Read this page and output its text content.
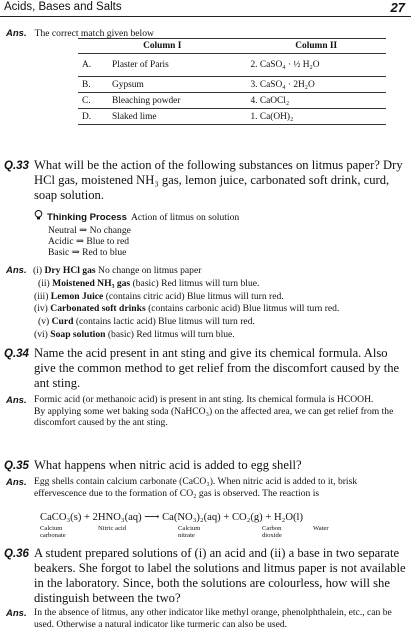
Acids, Bases and Salts	27
Ans. The correct match given below
Column I		Column II
A.	Plaster of Paris	2. CaSO₄ · ½ H₂O
B.	Gypsum	3. CaSO₄ · 2H₂O
C.	Bleaching powder	4. CaOCl₂
D.	Slaked lime	1. Ca(OH)₂
Q.33 What will be the action of the following substances on litmus paper? Dry HCl gas, moistened NH₃ gas, lemon juice, carbonated soft drink, curd, soap solution.
Thinking Process Action of litmus on solution
Neutral ⇒ No change
Acidic ⇒ Blue to red
Basic ⇒ Red to blue
Ans. (i) Dry HCl gas No change on litmus paper
(ii) Moistened NH₃ gas (basic) Red litmus will turn blue.
(iii) Lemon Juice (contains citric acid) Blue litmus will turn red.
(iv) Carbonated soft drinks (contains carbonic acid) Blue litmus will turn red.
(v) Curd (contains lactic acid) Blue litmus will turn red.
(vi) Soap solution (basic) Red litmus will turn blue.
Q.34 Name the acid present in ant sting and give its chemical formula. Also give the common method to get relief from the discomfort caused by the ant sting.
Ans. Formic acid (or methanoic acid) is present in ant sting. Its chemical formula is HCOOH.
By applying some wet baking soda (NaHCO₃) on the affected area, we can get relief from the discomfort caused by the ant sting.
Q.35 What happens when nitric acid is added to egg shell?
Ans. Egg shells contain calcium carbonate (CaCO₃). When nitric acid is added to it, brisk effervescence due to the formation of CO₂ gas is observed. The reaction is
CaCO₃(s) + 2HNO₃(aq) ⟶ Ca(NO₃)₂(aq) + CO₂(g) + H₂O(l)
Calcium
carbonate
Nitric acid	Calcium
nitrate
Carbon
dioxide
Water
Q.36 A student prepared solutions of (i) an acid and (ii) a base in two separate beakers. She forgot to label the solutions and litmus paper is not available in the laboratory. Since, both the solutions are colourless, how will she distinguish between the two?
Ans. In the absence of litmus, any other indicator like methyl orange, phenolphthalein, etc., can be used. Otherwise a natural indicator like turmeric can also be used.
